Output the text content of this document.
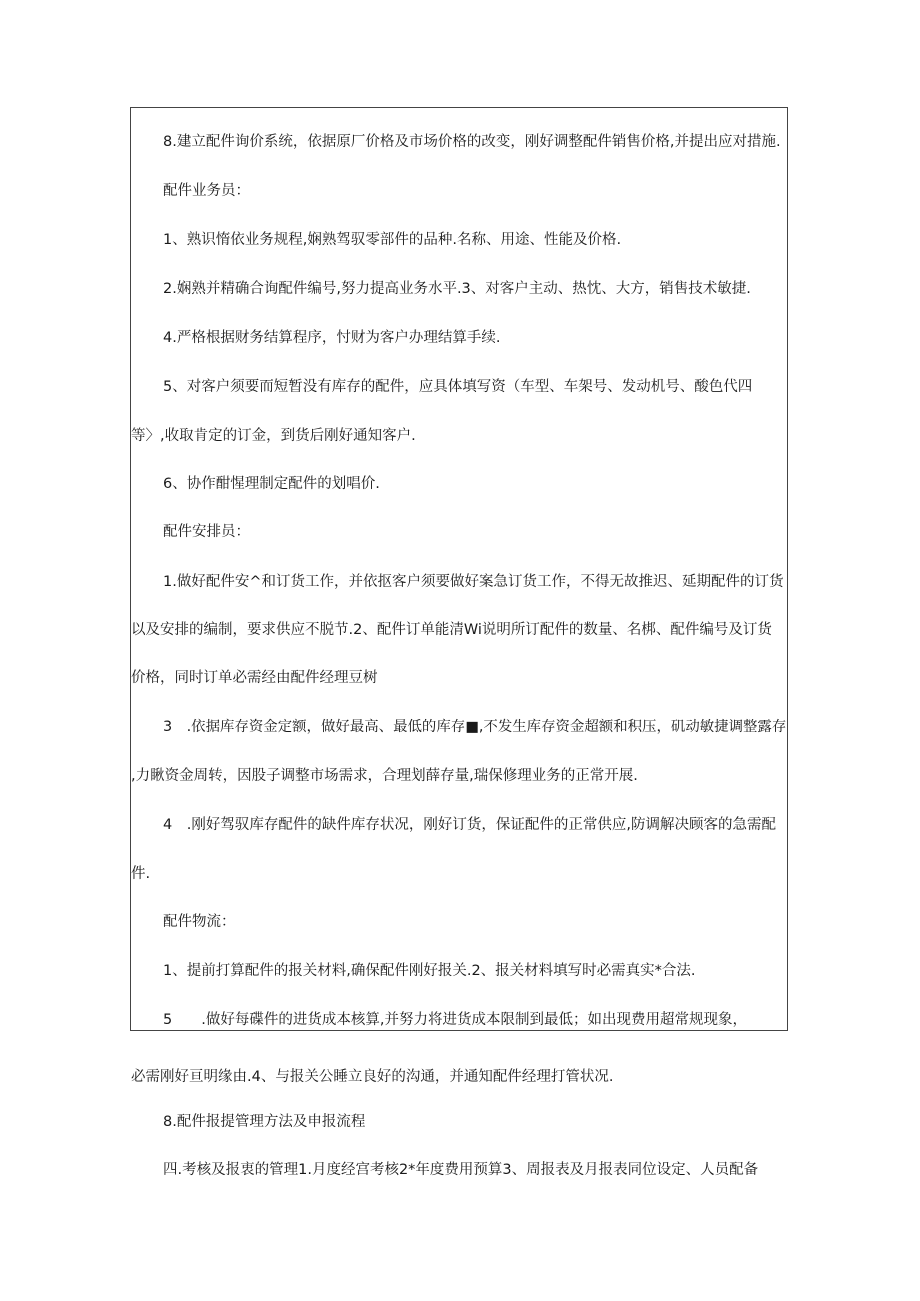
8.建立配件询价系统，依据原厂价格及市场价格的改变，刚好调整配件销售价格,并提出应对措施.
配件业务员：
1、熟识惰依业务规程,娴熟驾驭零部件的品种.名称、用途、性能及价格.
2.娴熟并精确合询配件编号,努力提高业务水平.3、对客户主动、热忱、大方，销售技术敏捷.
4.严格根据财务结算程序，忖财为客户办理结算手续.
5、对客户须要而短暂没有库存的配件，应具体填写资（车型、车架号、发动机号、酸色代四
等〉,收取肯定的订金，到货后刚好通知客户.
6、协作酣惺理制定配件的划唱价.
配件安排员：
1.做好配件安^和订货工作，并依抠客户须要做好案急订货工作，不得无故推迟、延期配件的订货
以及安排的编制，要求供应不脱节.2、配件订单能清Wi说明所订配件的数量、名梆、配件编号及订货
价格，同时订单必需经由配件经理豆树
3　.依据库存资金定额，做好最高、最低的库存■,不发生库存资金超额和积压，矶动敏捷调整露存
,力瞅资金周转，因股子调整市场需求，合理划薛存量,瑞保修理业务的正常开展.
4　.刚好驾驭库存配件的缺件库存状况，刚好订货，保证配件的正常供应,防调解决顾客的急需配
件.
配件物流：
1、提前打算配件的报关材料,确保配件刚好报关.2、报关材料填写时必需真实*合法.
5　　.做好每碟件的进货成本核算,并努力将进货成本限制到最低；如出现费用超常规现象，
必需刚好亘明缘由.4、与报关公睡立良好的沟通，并通知配件经理打管状况.
8.配件报提管理方法及申报流程
四.考核及报衷的管理1.月度经宫考核2*年度费用预算3、周报表及月报表同位设定、人员配备
